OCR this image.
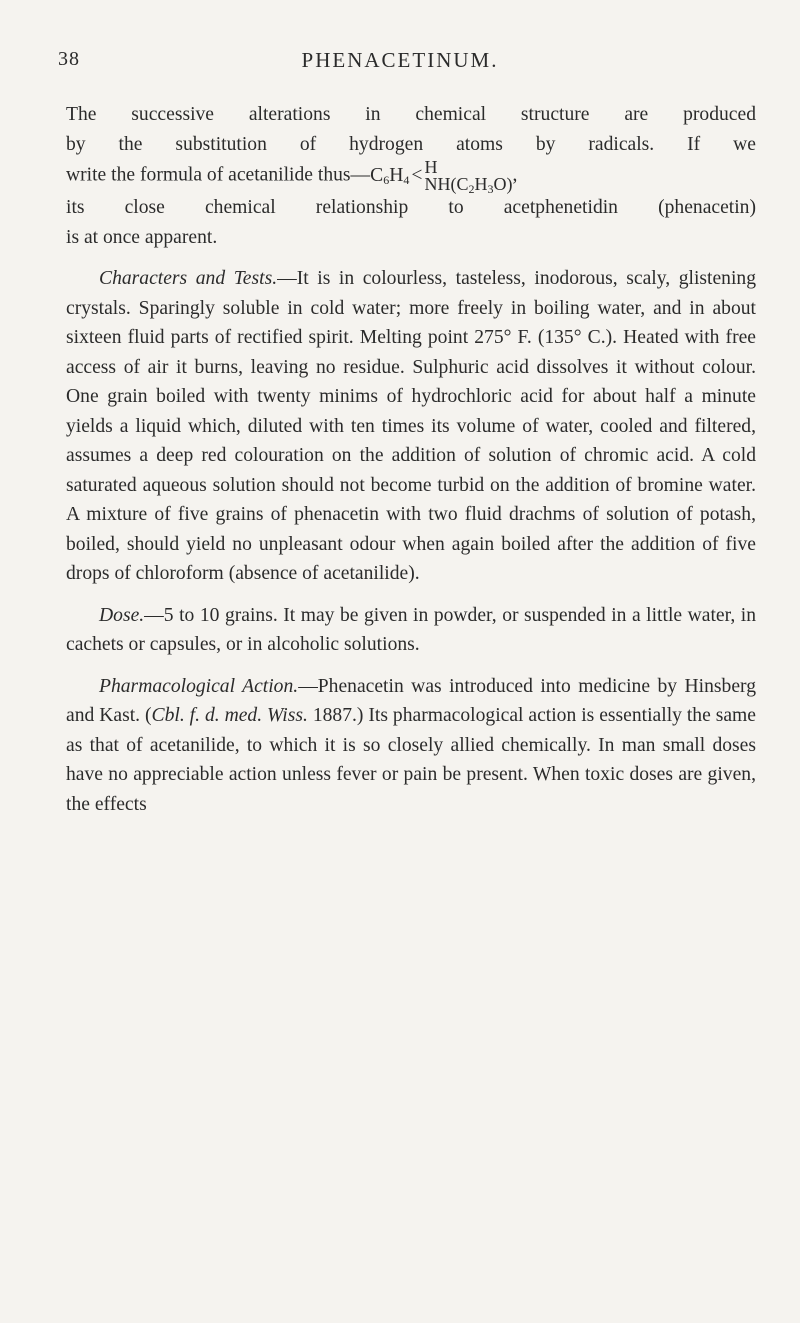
38	PHENACETINUM.

The successive alterations in chemical structure are produced
by the substitution of hydrogen atoms by radicals. If we
write the formula of acetanilide $thus—C_6H_4 < H$
$NH(C_2H_3O)$ ,
its close chemical relationship to acetphenetidin (phenacetin)
is at once apparent.

Characters and Tests.—It is in colourless, tasteless, inodorous, scaly, glistening crystals. Sparingly soluble in cold water; more freely in boiling water, and in about sixteen fluid parts of rectified spirit. Melting point 275° F. (135° C.). Heated with free access of air it burns, leaving no residue. Sulphuric acid dissolves it without colour. One grain boiled with twenty minims of hydrochloric acid for about half a minute yields a liquid which, diluted with ten times its volume of water, cooled and filtered, assumes a deep red colouration on the addition of solution of chromic acid. A cold saturated aqueous solution should not become turbid on the addition of bromine water. A mixture of five grains of phenacetin with two fluid drachms of solution of potash, boiled, should yield no unpleasant odour when again boiled after the addition of five drops of chloroform (absence of acetanilide).

Dose.—5 to 10 grains. It may be given in powder, or suspended in a little water, in cachets or capsules, or in alcoholic solutions.

Pharmacological Action.—Phenacetin was introduced into medicine by Hinsberg and Kast. (Cbl. f. d. med. Wiss. 1887.) Its pharmacological action is essentially the same as that of acetanilide, to which it is so closely allied chemically. In man small doses have no appreciable action unless fever or pain be present. When toxic doses are given, the effects
